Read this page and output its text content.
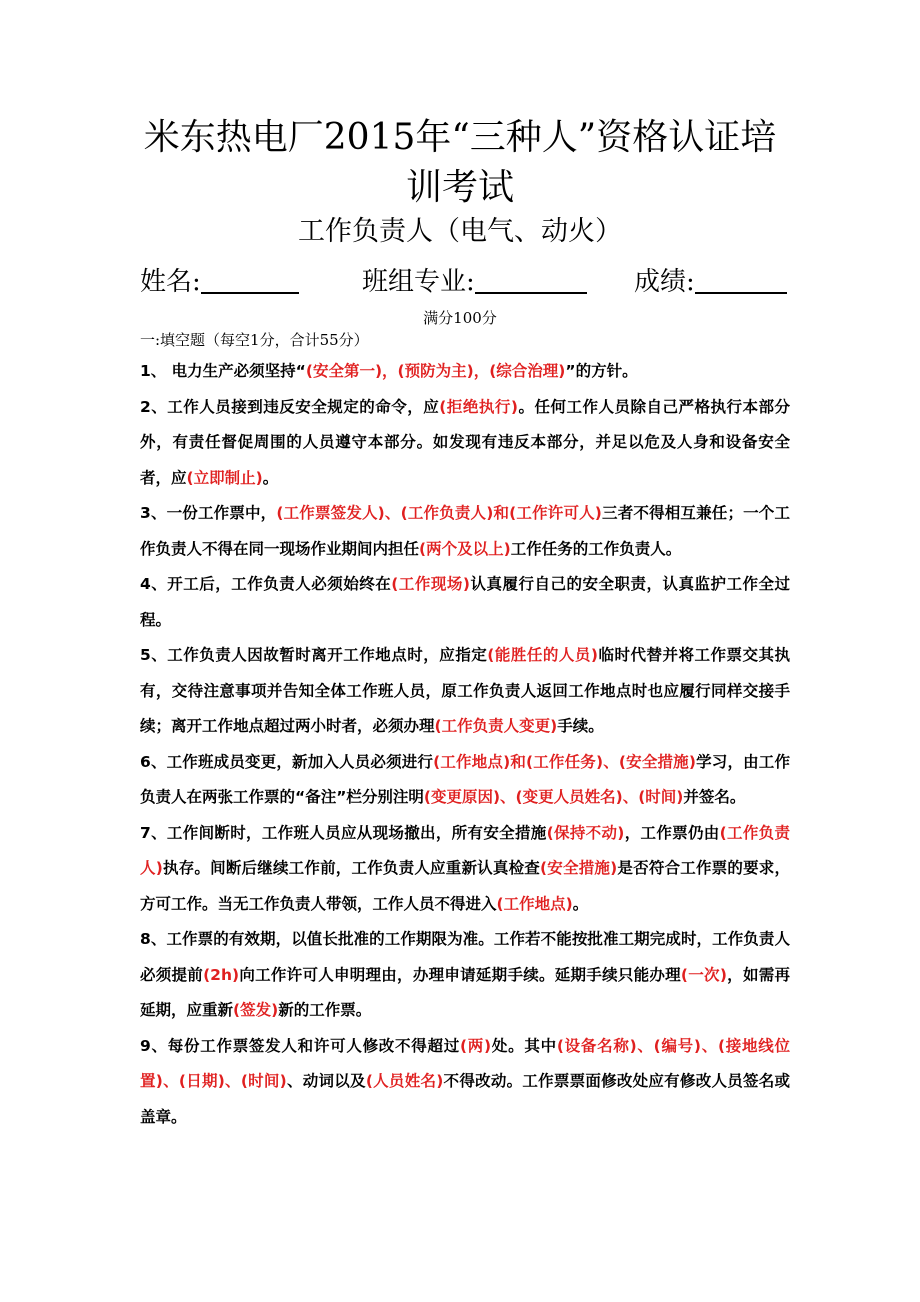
米东热电厂2015年“三种人”资格认证培
训考试
工作负责人（电气、动火）
姓名:	班组专业:	成绩:
满分100分
一:填空题（每空1分，合计55分）

1、 电力生产必须坚持“(安全第一)，(预防为主)，(综合治理)”的方针。

2、工作人员接到违反安全规定的命令，应(拒绝执行)。任何工作人员除自己严格执行本部分外，有责任督促周围的人员遵守本部分。如发现有违反本部分，并足以危及人身和设备安全者，应(立即制止)。

3、一份工作票中，(工作票签发人)、(工作负责人)和(工作许可人)三者不得相互兼任；一个工作负责人不得在同一现场作业期间内担任(两个及以上)工作任务的工作负责人。

4、开工后，工作负责人必须始终在(工作现场)认真履行自己的安全职责，认真监护工作全过程。

5、工作负责人因故暂时离开工作地点时，应指定(能胜任的人员)临时代替并将工作票交其执有，交待注意事项并告知全体工作班人员，原工作负责人返回工作地点时也应履行同样交接手续；离开工作地点超过两小时者，必须办理(工作负责人变更)手续。

6、工作班成员变更，新加入人员必须进行(工作地点)和(工作任务)、(安全措施)学习，由工作负责人在两张工作票的“备注”栏分别注明(变更原因)、(变更人员姓名)、(时间)并签名。

7、工作间断时，工作班人员应从现场撤出，所有安全措施(保持不动)，工作票仍由(工作负责人)执存。间断后继续工作前，工作负责人应重新认真检查(安全措施)是否符合工作票的要求，方可工作。当无工作负责人带领，工作人员不得进入(工作地点)。

8、工作票的有效期，以值长批准的工作期限为准。工作若不能按批准工期完成时，工作负责人必须提前(2h)向工作许可人申明理由，办理申请延期手续。延期手续只能办理(一次)，如需再延期，应重新(签发)新的工作票。

9、每份工作票签发人和许可人修改不得超过(两)处。其中(设备名称)、(编号)、(接地线位置)、(日期)、(时间)、动词以及(人员姓名)不得改动。工作票票面修改处应有修改人员签名或盖章。
